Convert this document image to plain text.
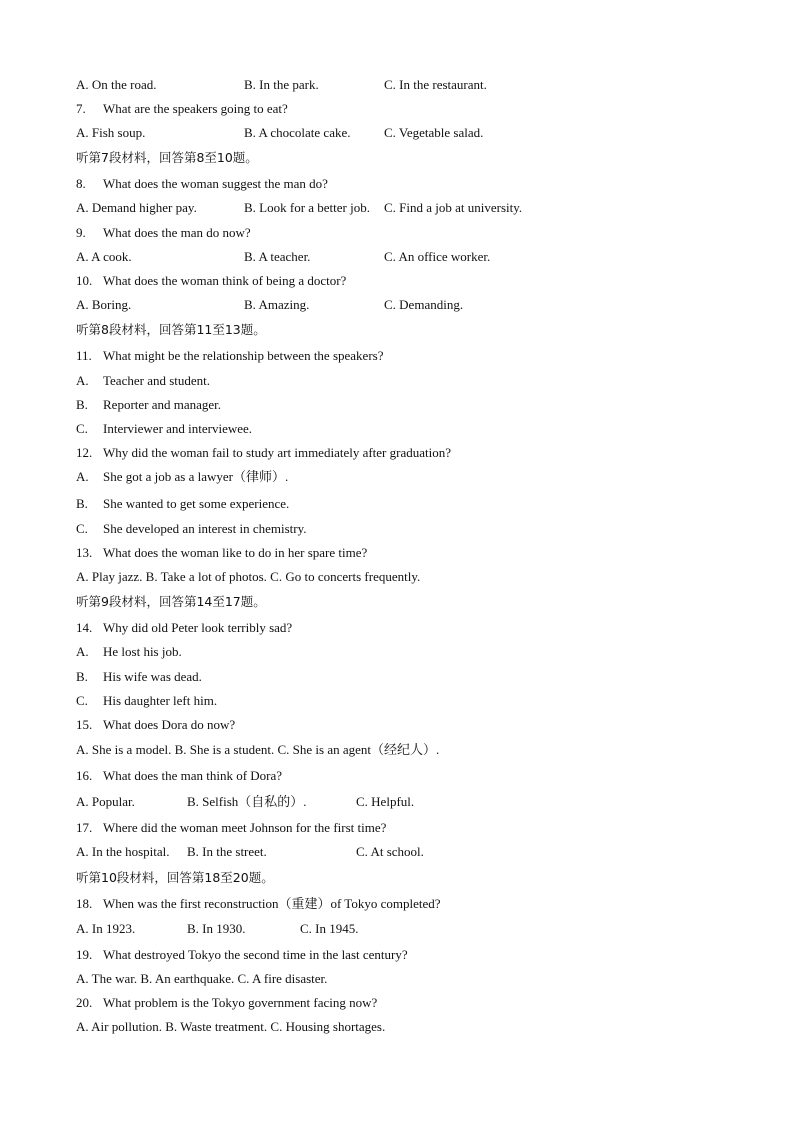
A. On the road.	B. In the park.	C. In the restaurant.
7. What are the speakers going to eat?
A. Fish soup.	B. A chocolate cake.	C. Vegetable salad.
听第7段材料，回答第8至10题。
8. What does the woman suggest the man do?
A. Demand higher pay.	B. Look for a better job. C. Find a job at university.
9. What does the man do now?
A. A cook.	B. A teacher.	C. An office worker.
10. What does the woman think of being a doctor?
A. Boring.	B. Amazing.	C. Demanding.
听第8段材料，回答第11至13题。
11. What might be the relationship between the speakers?
A. Teacher and student.
B. Reporter and manager.
C. Interviewer and interviewee.
12. Why did the woman fail to study art immediately after graduation?
A. She got a job as a lawyer（律师）.
B. She wanted to get some experience.
C. She developed an interest in chemistry.
13. What does the woman like to do in her spare time?
A. Play jazz. B. Take a lot of photos. C. Go to concerts frequently.
听第9段材料，回答第14至17题。
14. Why did old Peter look terribly sad?
A. He lost his job.
B. His wife was dead.
C. His daughter left him.
15. What does Dora do now?
A. She is a model. B. She is a student. C. She is an agent（经纪人）.
16. What does the man think of Dora?
A. Popular.	B. Selfish（自私的）.	C. Helpful.
17. Where did the woman meet Johnson for the first time?
A. In the hospital. B. In the street.	C. At school.
听第10段材料，回答第18至20题。
18. When was the first reconstruction（重建）of Tokyo completed?
A. In 1923.	B. In 1930.	C. In 1945.
19. What destroyed Tokyo the second time in the last century?
A. The war. B. An earthquake. C. A fire disaster.
20. What problem is the Tokyo government facing now?
A. Air pollution. B. Waste treatment. C. Housing shortages.
